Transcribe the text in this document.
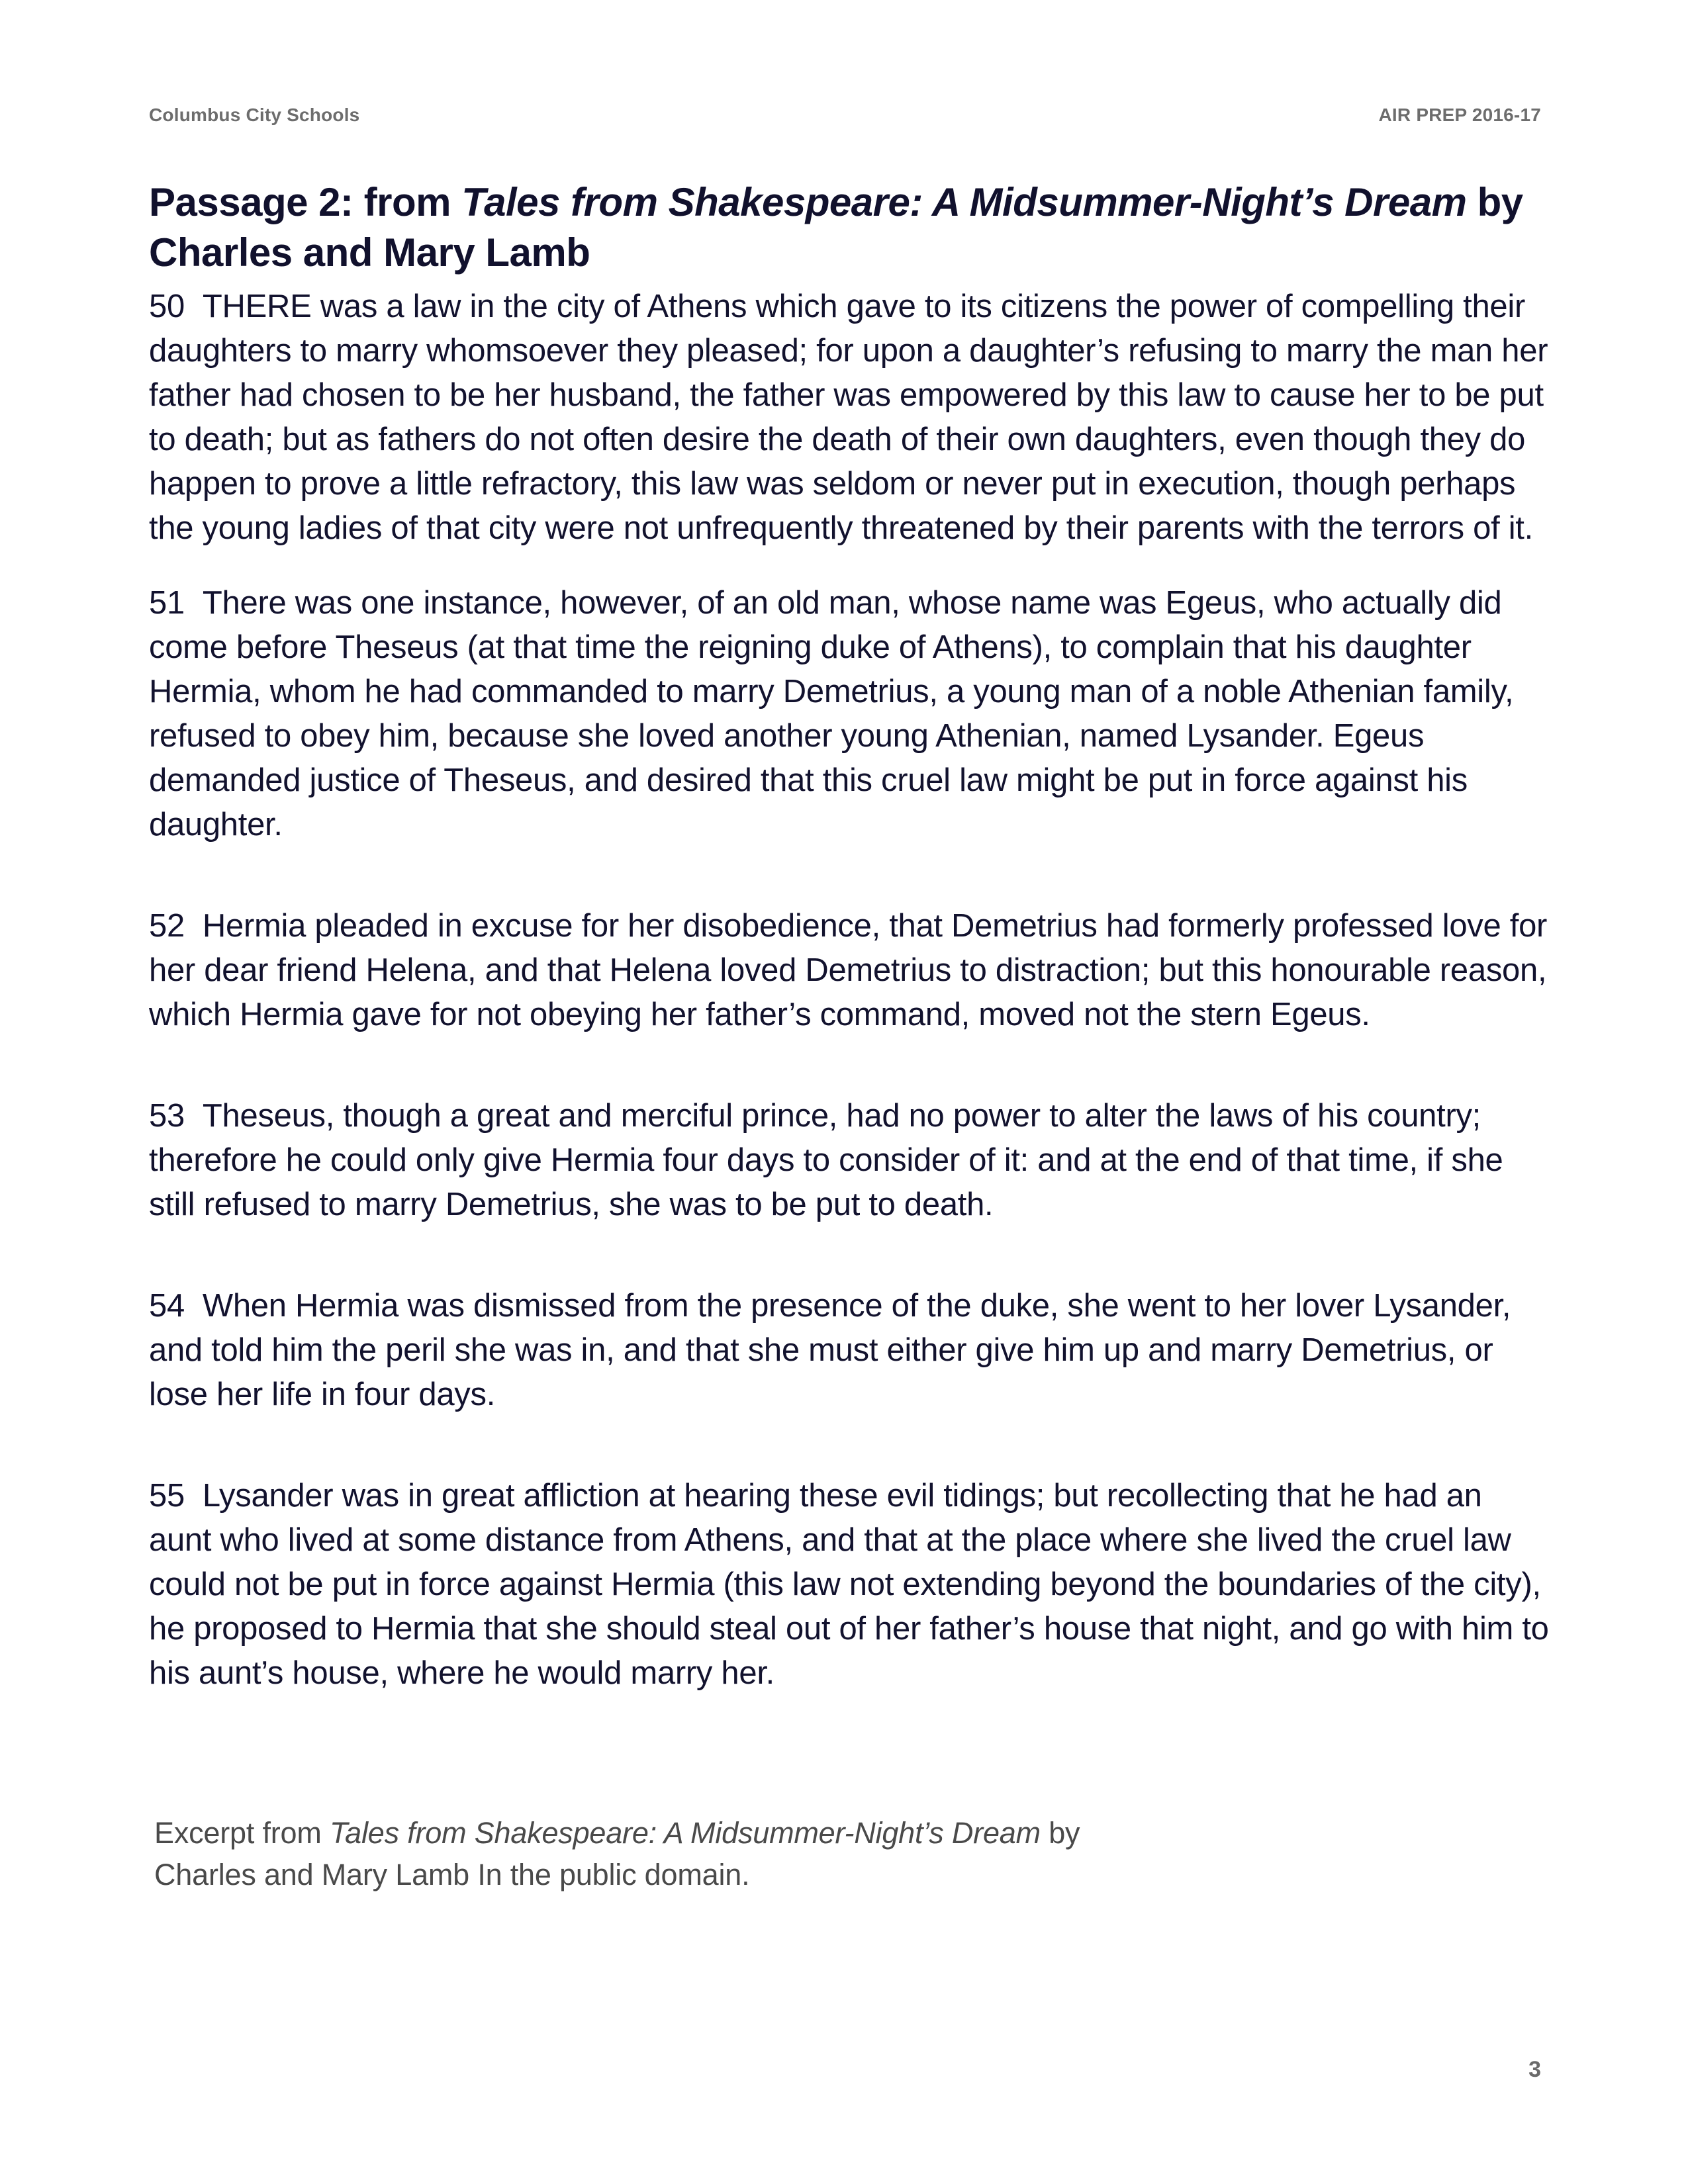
Columbus City Schools	AIR PREP 2016-17
Passage 2: from Tales from Shakespeare: A Midsummer-Night’s Dream by Charles and Mary Lamb

50 THERE was a law in the city of Athens which gave to its citizens the power of compelling their daughters to marry whomsoever they pleased; for upon a daughter’s refusing to marry the man her father had chosen to be her husband, the father was empowered by this law to cause her to be put to death; but as fathers do not often desire the death of their own daughters, even though they do happen to prove a little refractory, this law was seldom or never put in execution, though perhaps the young ladies of that city were not unfrequently threatened by their parents with the terrors of it.

51 There was one instance, however, of an old man, whose name was Egeus, who actually did come before Theseus (at that time the reigning duke of Athens), to complain that his daughter Hermia, whom he had commanded to marry Demetrius, a young man of a noble Athenian family, refused to obey him, because she loved another young Athenian, named Lysander. Egeus demanded justice of Theseus, and desired that this cruel law might be put in force against his daughter.

52 Hermia pleaded in excuse for her disobedience, that Demetrius had formerly professed love for her dear friend Helena, and that Helena loved Demetrius to distraction; but this honourable reason, which Hermia gave for not obeying her father’s command, moved not the stern Egeus.

53 Theseus, though a great and merciful prince, had no power to alter the laws of his country; therefore he could only give Hermia four days to consider of it: and at the end of that time, if she still refused to marry Demetrius, she was to be put to death.

54 When Hermia was dismissed from the presence of the duke, she went to her lover Lysander, and told him the peril she was in, and that she must either give him up and marry Demetrius, or lose her life in four days.

55 Lysander was in great affliction at hearing these evil tidings; but recollecting that he had an aunt who lived at some distance from Athens, and that at the place where she lived the cruel law could not be put in force against Hermia (this law not extending beyond the boundaries of the city), he proposed to Hermia that she should steal out of her father’s house that night, and go with him to his aunt’s house, where he would marry her.

Excerpt from Tales from Shakespeare: A Midsummer-Night’s Dream by Charles and Mary Lamb In the public domain.
3
